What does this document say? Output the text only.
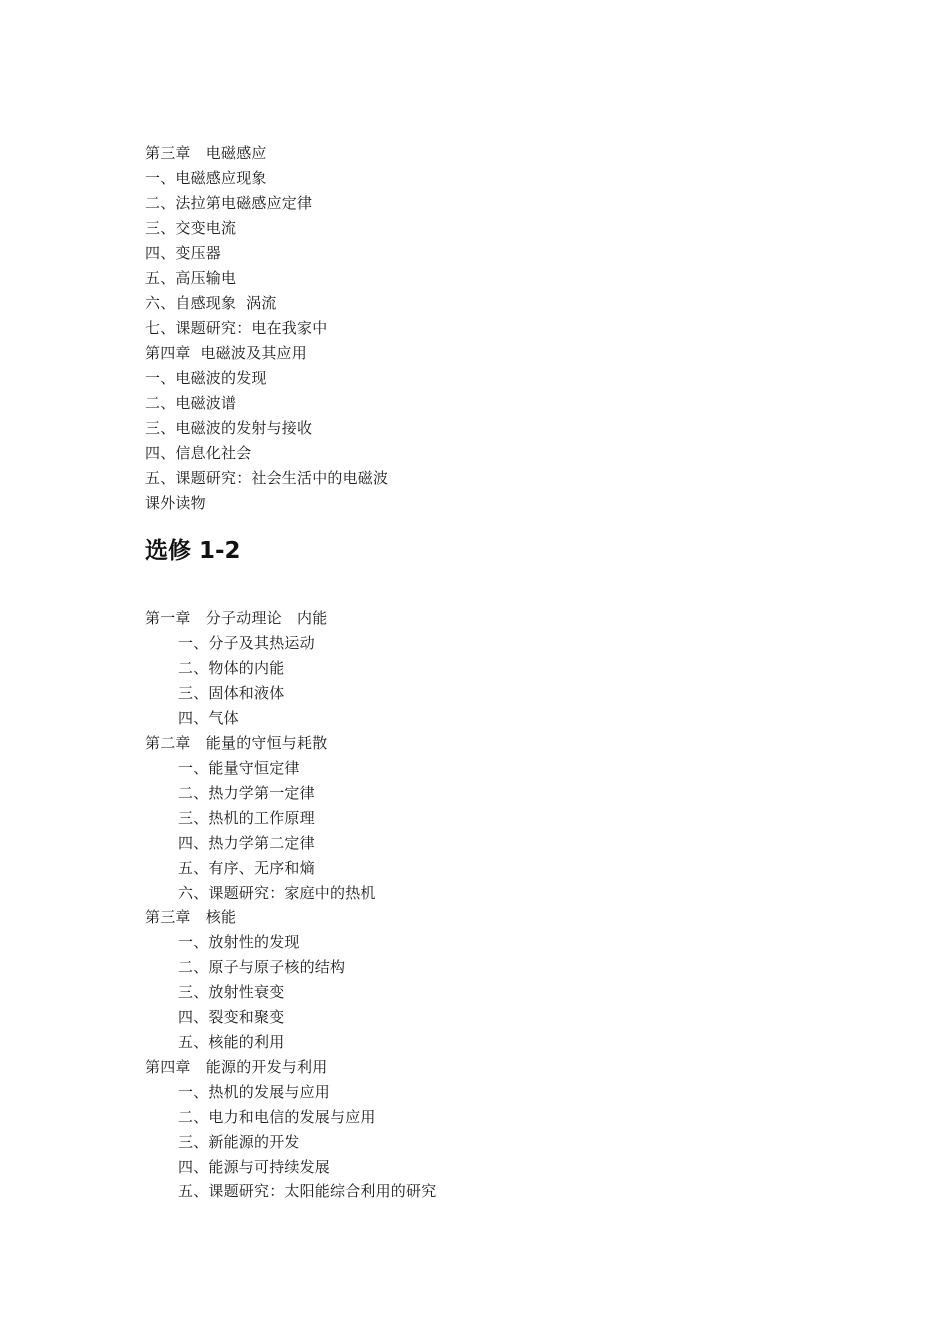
第三章　电磁感应
一、电磁感应现象
二、法拉第电磁感应定律
三、交变电流
四、变压器
五、高压输电
六、自感现象  涡流
七、课题研究：电在我家中
第四章  电磁波及其应用
一、电磁波的发现
二、电磁波谱
三、电磁波的发射与接收
四、信息化社会
五、课题研究：社会生活中的电磁波
课外读物
选修 1-2
第一章　分子动理论　内能
一、分子及其热运动
二、物体的内能
三、固体和液体
四、气体
第二章　能量的守恒与耗散
一、能量守恒定律
二、热力学第一定律
三、热机的工作原理
四、热力学第二定律
五、有序、无序和熵
六、课题研究：家庭中的热机
第三章　核能
一、放射性的发现
二、原子与原子核的结构
三、放射性衰变
四、裂变和聚变
五、核能的利用
第四章　能源的开发与利用
一、热机的发展与应用
二、电力和电信的发展与应用
三、新能源的开发
四、能源与可持续发展
五、课题研究：太阳能综合利用的研究
